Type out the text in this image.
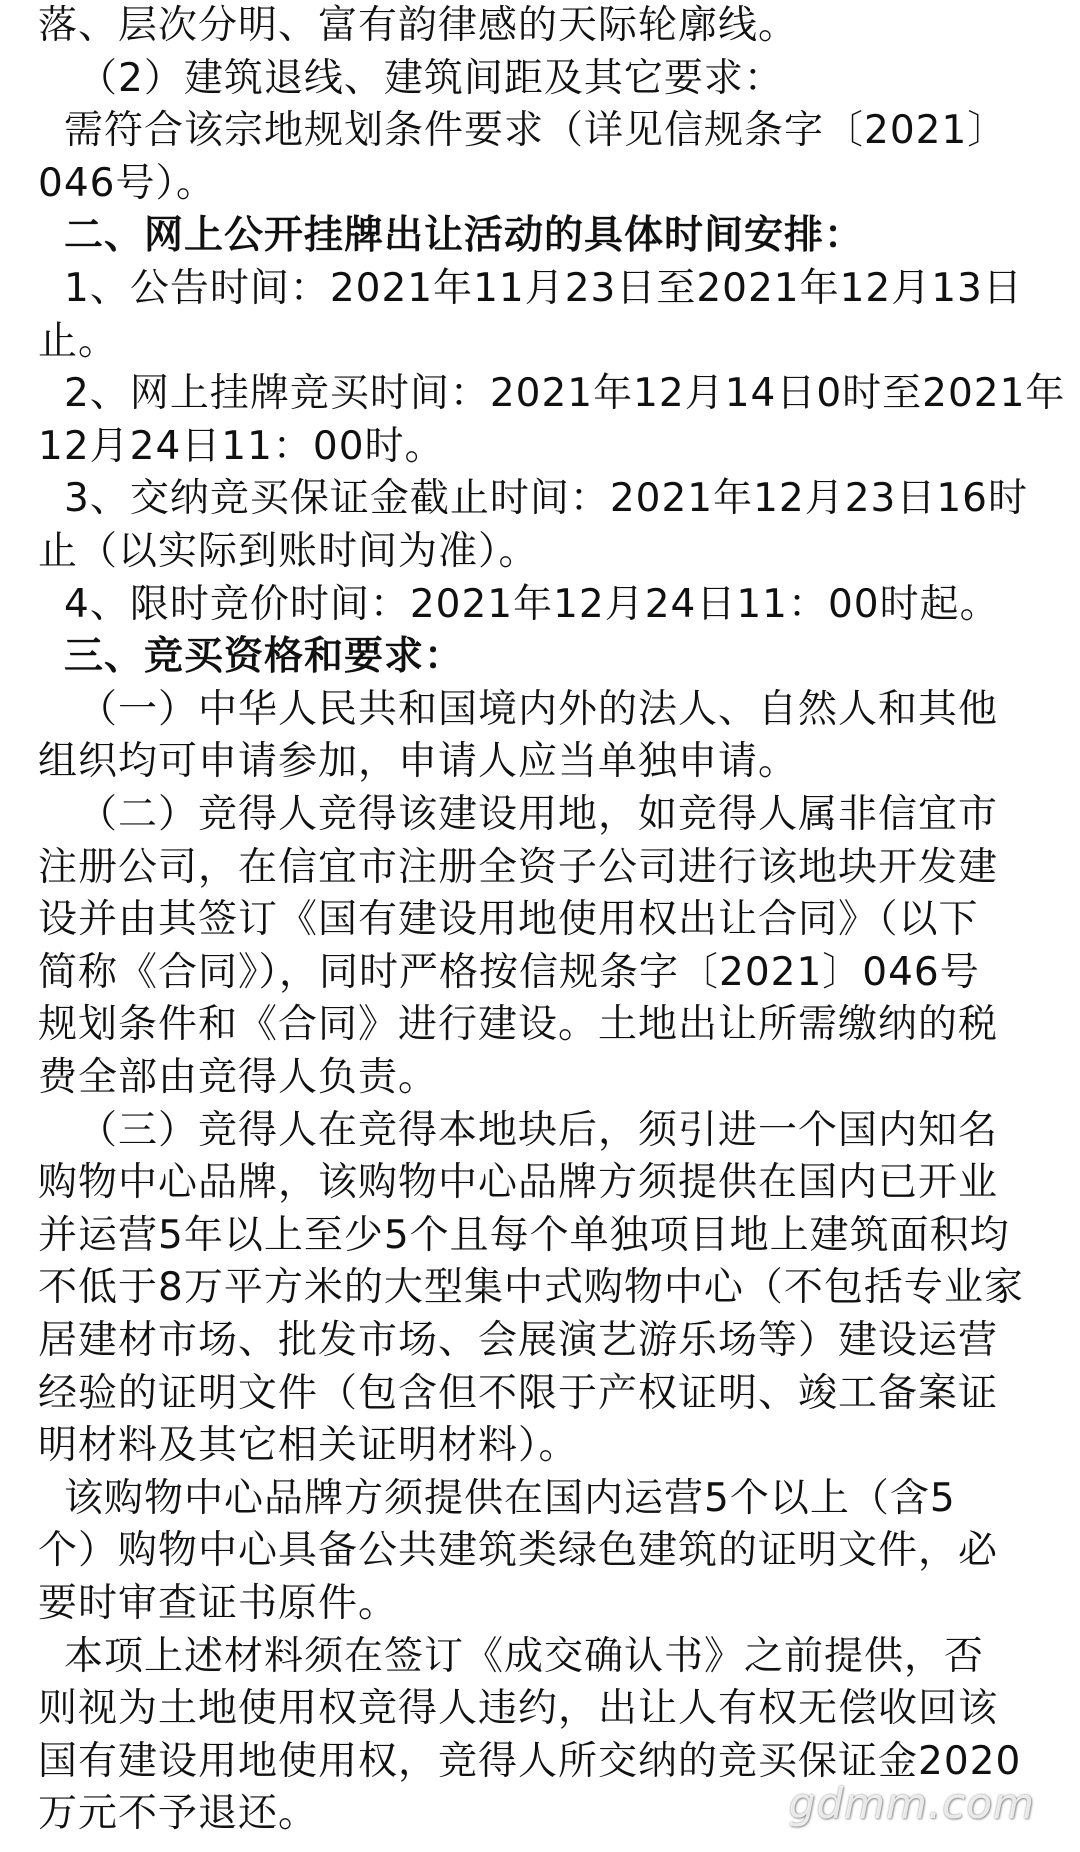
落、层次分明、富有韵律感的天际轮廓线。
（2）建筑退线、建筑间距及其它要求：
需符合该宗地规划条件要求（详见信规条字〔2021〕
046号）。
二、网上公开挂牌出让活动的具体时间安排：
1、公告时间：2021年11月23日至2021年12月13日
止。
2、网上挂牌竞买时间：2021年12月14日0时至2021年
12月24日11：00时。
3、交纳竞买保证金截止时间：2021年12月23日16时
止（以实际到账时间为准）。
4、限时竞价时间：2021年12月24日11：00时起。
三、竞买资格和要求：
（一）中华人民共和国境内外的法人、自然人和其他
组织均可申请参加，申请人应当单独申请。
（二）竞得人竞得该建设用地，如竞得人属非信宜市
注册公司，在信宜市注册全资子公司进行该地块开发建
设并由其签订《国有建设用地使用权出让合同》（以下
简称《合同》），同时严格按信规条字〔2021〕046号
规划条件和《合同》进行建设。土地出让所需缴纳的税
费全部由竞得人负责。
（三）竞得人在竞得本地块后，须引进一个国内知名
购物中心品牌，该购物中心品牌方须提供在国内已开业
并运营5年以上至少5个且每个单独项目地上建筑面积均
不低于8万平方米的大型集中式购物中心（不包括专业家
居建材市场、批发市场、会展演艺游乐场等）建设运营
经验的证明文件（包含但不限于产权证明、竣工备案证
明材料及其它相关证明材料）。
该购物中心品牌方须提供在国内运营5个以上（含5
个）购物中心具备公共建筑类绿色建筑的证明文件，必
要时审查证书原件。
本项上述材料须在签订《成交确认书》之前提供，否
则视为土地使用权竞得人违约，出让人有权无偿收回该
国有建设用地使用权，竞得人所交纳的竞买保证金2020
万元不予退还。	gdmm.com
